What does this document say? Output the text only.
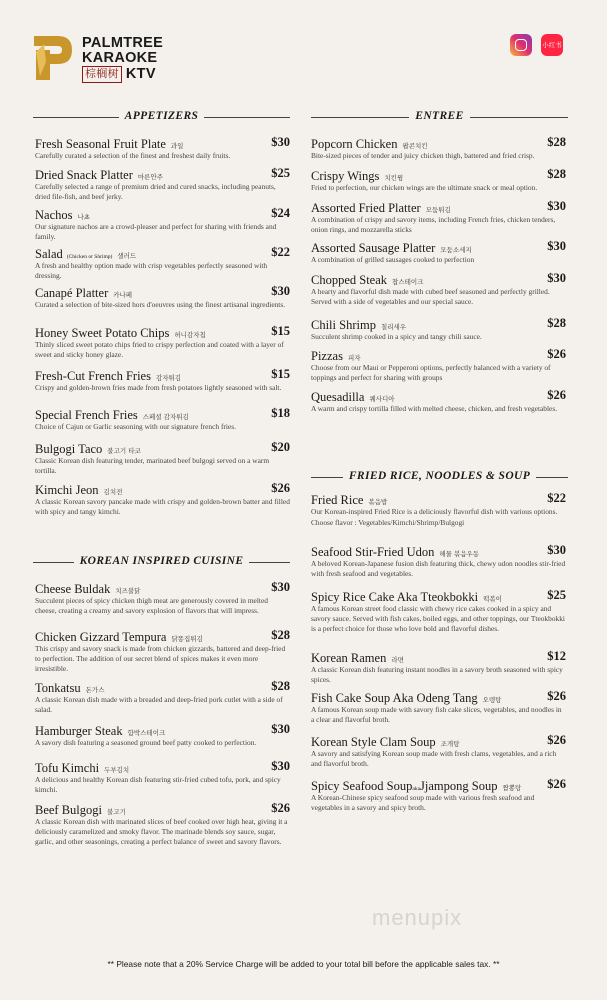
PALMTREE
KARAOKE
棕榈树 KTV
小红书
APPETIZERS	ENTREE
KOREAN INSPIRED CUISINE
FRIED RICE, NOODLES & SOUP
Fresh Seasonal Fruit Plate 과일	$30
Carefully curated a selection of the finest and freshest daily fruits.
Dried Snack Platter 마른안주	$25
Carefully selected a range of premium dried and cured snacks, including peanuts, dried file-fish, and beef jerky.
Nachos 나쵸	$24
Our signature nachos are a crowd-pleaser and perfect for sharing with friends and family.
Salad (Chicken or Shrimp) 샐러드	$22
A fresh and healthy option made with crisp vegetables perfectly seasoned with dressing.
Canapé Platter 카나페	$30
Curated a selection of bite-sized hors d'oeuvres using the finest artisanal ingredients.
Honey Sweet Potato Chips 허니감자칩	$15
Thinly sliced sweet potato chips fried to crispy perfection and coated with a layer of sweet and sticky honey glaze.
Fresh-Cut French Fries 감자튀김	$15
Crispy and golden-brown fries made from fresh potatoes lightly seasoned with salt.
Special French Fries 스페셜 감자튀김	$18
Choice of Cajun or Garlic seasoning with our signature french fries.
Bulgogi Taco 불고기 타코	$20
Classic Korean dish featuring tender, marinated beef bulgogi served on a warm tortilla.
Kimchi Jeon 김치전	$26
A classic Korean savory pancake made with crispy and golden-brown batter and filled with spicy and tangy kimchi.
Cheese Buldak 치즈불닭	$30
Succulent pieces of spicy chicken thigh meat are generously covered in melted cheese, creating a creamy and savory explosion of flavors that will impress.
Chicken Gizzard Tempura 닭똥집튀김	$28
This crispy and savory snack is made from chicken gizzards, battered and deep-fried to perfection. The addition of our secret blend of spices makes it even more irresistible.
Tonkatsu 돈가스	$28
A classic Korean dish made with a breaded and deep-fried pork cutlet with a side of salad.
Hamburger Steak 함박스테이크	$30
A savory dish featuring a seasoned ground beef patty cooked to perfection.
Tofu Kimchi 두부김치	$30
A delicious and healthy Korean dish featuring stir-fried cubed tofu, pork, and spicy kimchi.
Beef Bulgogi 불고기	$26
A classic Korean dish with marinated slices of beef cooked over high heat, giving it a deliciously caramelized and smoky flavor. The marinade blends soy sauce, sugar, garlic, and other seasonings, creating a perfect balance of sweet and savory flavors.
Popcorn Chicken 팝콘치킨	$28
Bite-sized pieces of tender and juicy chicken thigh, battered and fried crisp.
Crispy Wings 치킨윙	$28
Fried to perfection, our chicken wings are the ultimate snack or meal option.
Assorted Fried Platter 모둠튀김	$30
A combination of crispy and savory items, including French fries, chicken tenders, onion rings, and mozzarella sticks
Assorted Sausage Platter 모둠소세지	$30
A combination of grilled sausages cooked to perfection
Chopped Steak 찹스테이크	$30
A hearty and flavorful dish made with cubed beef seasoned and perfectly grilled. Served with a side of vegetables and our special sauce.
Chili Shrimp 칠리새우	$28
Succulent shrimp cooked in a spicy and tangy chili sauce.
Pizzas 피자	$26
Choose from our Maui or Pepperoni options, perfectly balanced with a variety of toppings and perfect for sharing with groups
Quesadilla 퀘사디아	$26
A warm and crispy tortilla filled with melted cheese, chicken, and fresh vegetables.
Fried Rice 볶음밥	$22
Our Korean-inspired Fried Rice is a deliciously flavorful dish with various options.
Choose flavor : Vegetables/Kimchi/Shrimp/Bulgogi
Seafood Stir-Fried Udon 해물 볶음우동	$30
A beloved Korean-Japanese fusion dish featuring thick, chewy udon noodles stir-fried with fresh seafood and vegetables.
Spicy Rice Cake Aka Tteokbokki 떡볶이	$25
A famous Korean street food classic with chewy rice cakes cooked in a spicy and savory sauce. Served with fish cakes, boiled eggs, and other toppings, our Tteokbokki is a perfect choice for those who love bold and flavorful dishes.
Korean Ramen 라면	$12
A classic Korean dish featuring instant noodles in a savory broth seasoned with spicy spices.
Fish Cake Soup Aka Odeng Tang 오뎅탕	$26
A famous Korean soup made with savory fish cake slices, vegetables, and noodles in a clear and flavorful broth.
Korean Style Clam Soup 조개탕	$26
A savory and satisfying Korean soup made with fresh clams, vegetables, and a rich and flavorful broth.
Spicy Seafood SoupakaJjampong Soup 짬뽕탕 $26
A Korean-Chinese spicy seafood soup made with various fresh seafood and vegetables in a savory and spicy broth.
menupix
** Please note that a 20% Service Charge will be added to your total bill before the applicable sales tax. **
